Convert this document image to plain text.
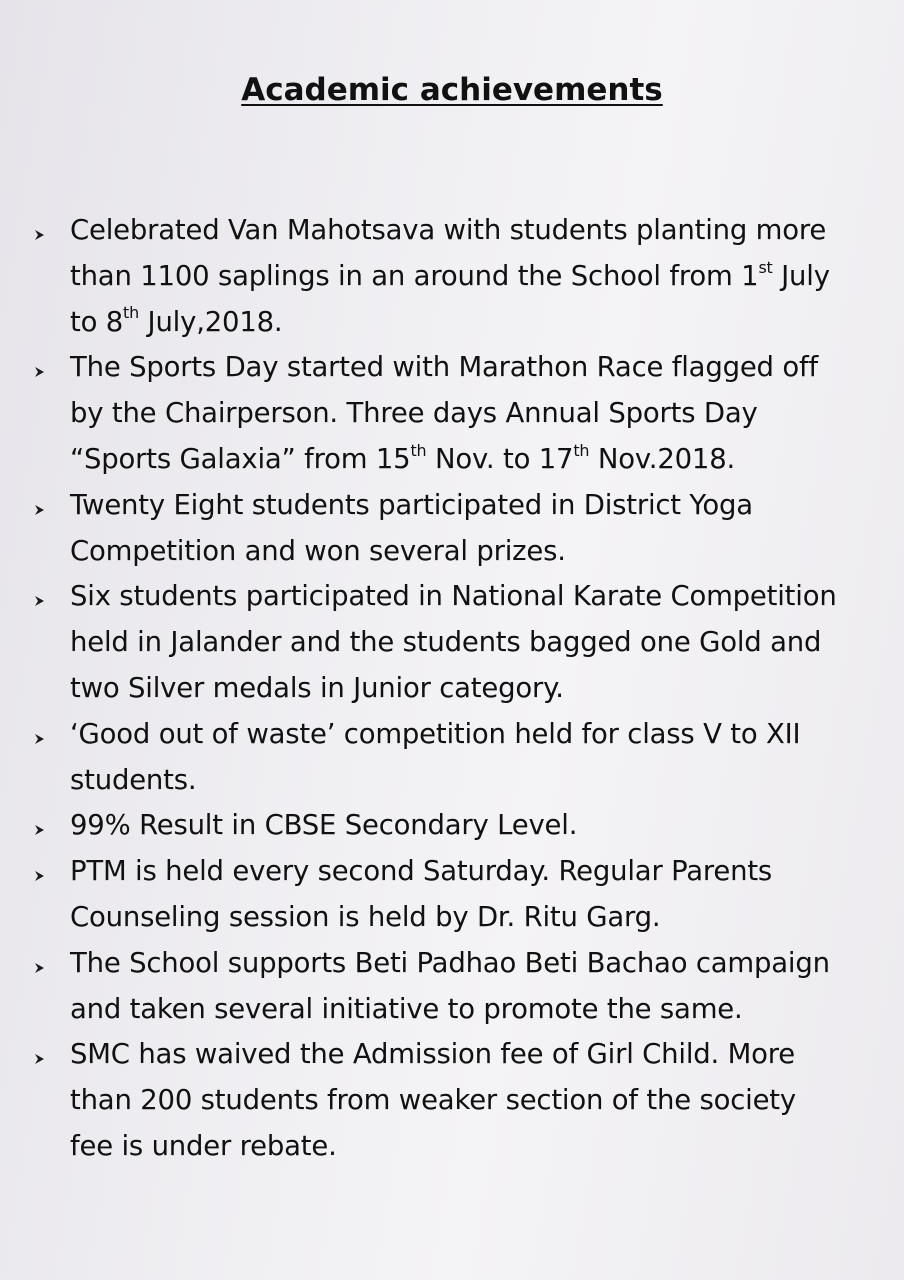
Academic achievements
Celebrated Van Mahotsava with students planting more
than 1100 saplings in an around the School from 1st July
to 8th July,2018.
The Sports Day started with Marathon Race flagged off
by the Chairperson. Three days Annual Sports Day
“Sports Galaxia” from 15th Nov. to 17th Nov.2018.
Twenty Eight students participated in District Yoga
Competition and won several prizes.
Six students participated in National Karate Competition
held in Jalander and the students bagged one Gold and
two Silver medals in Junior category.
‘Good out of waste’ competition held for class V to XII
students.
99% Result in CBSE Secondary Level.
PTM is held every second Saturday. Regular Parents
Counseling session is held by Dr. Ritu Garg.
The School supports Beti Padhao Beti Bachao campaign
and taken several initiative to promote the same.
SMC has waived the Admission fee of Girl Child. More
than 200 students from weaker section of the society
fee is under rebate.
